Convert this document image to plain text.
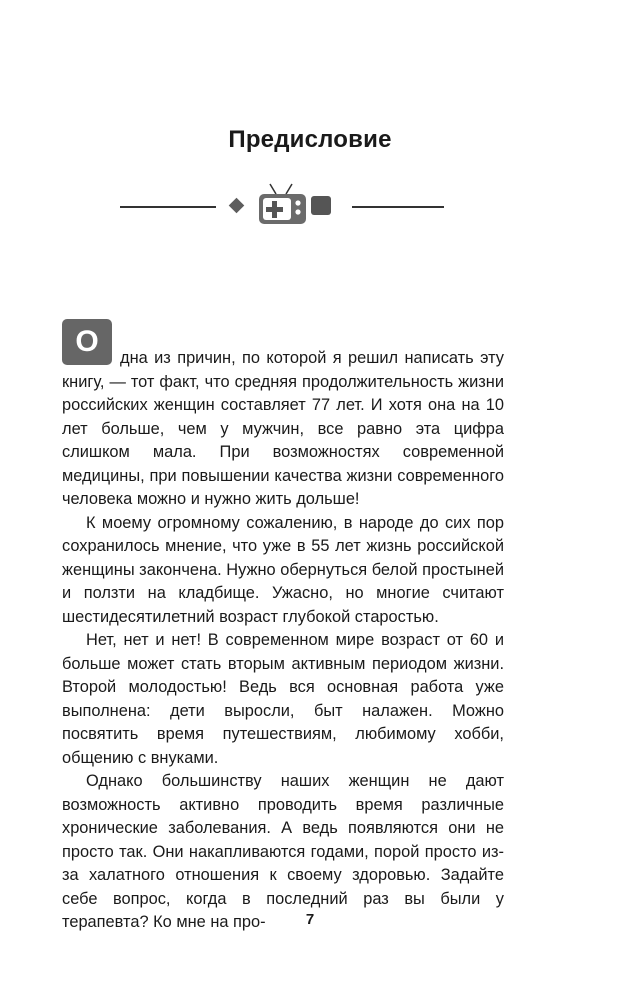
Предисловие
О	дна из причин, по которой я решил написать эту книгу, — тот факт, что средняя продолжительность жизни российских женщин составляет 77 лет. И хотя она на 10 лет больше, чем у мужчин, все равно эта цифра слишком мала. При возможностях современной медицины, при повышении качества жизни современного человека можно и нужно жить дольше!

К моему огромному сожалению, в народе до сих пор сохранилось мнение, что уже в 55 лет жизнь российской женщины закончена. Нужно обернуться белой простыней и ползти на кладбище. Ужасно, но многие считают шестидесятилетний возраст глубокой старостью.

Нет, нет и нет! В современном мире возраст от 60 и больше может стать вторым активным периодом жизни. Второй молодостью! Ведь вся основная работа уже выполнена: дети выросли, быт налажен. Можно посвятить время путешествиям, любимому хобби, общению с внуками.

Однако большинству наших женщин не дают возможность активно проводить время различные хронические заболевания. А ведь появляются они не просто так. Они накапливаются годами, порой просто из-за халатного отношения к своему здоровью. Задайте себе вопрос, когда в последний раз вы были у терапевта? Ко мне на про-	7
